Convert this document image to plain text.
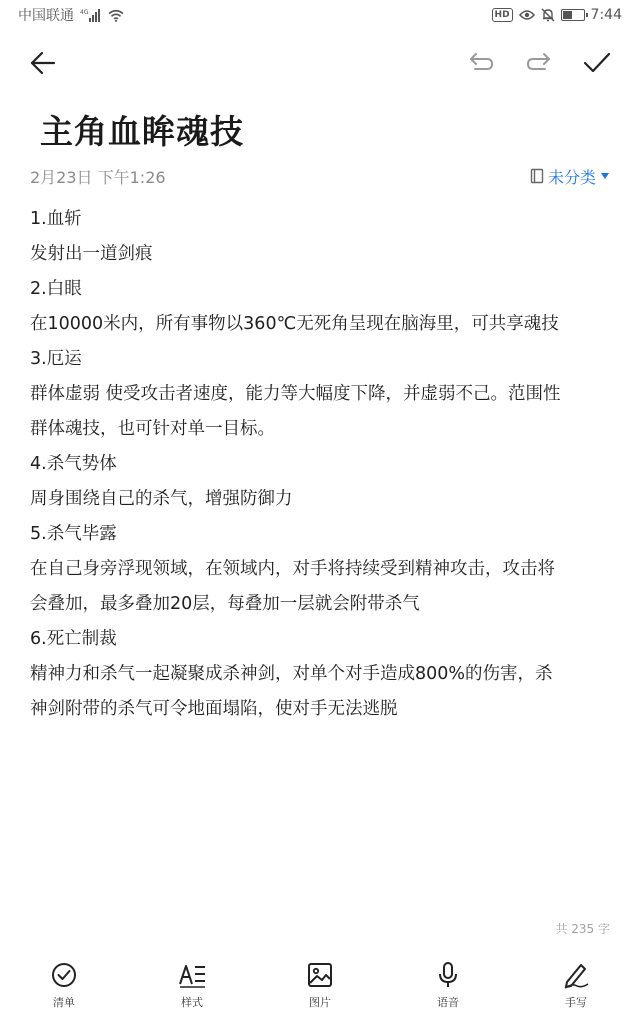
中国联通 4G	HD	7:44
主角血眸魂技
2月23日 下午1:26	未分类
1.血斩
发射出一道剑痕
2.白眼
在10000米内，所有事物以360℃无死角呈现在脑海里，可共享魂技
3.厄运
群体虚弱 使受攻击者速度，能力等大幅度下降，并虚弱不己。范围性
群体魂技，也可针对单一目标。
4.杀气势体
周身围绕自己的杀气，增强防御力
5.杀气毕露
在自己身旁浮现领域，在领域内，对手将持续受到精神攻击，攻击将
会叠加，最多叠加20层，每叠加一层就会附带杀气
6.死亡制裁
精神力和杀气一起凝聚成杀神剑，对单个对手造成800%的伤害，杀
神剑附带的杀气可令地面塌陷，使对手无法逃脱
共 235 字
清单	样式	图片	语音	手写
